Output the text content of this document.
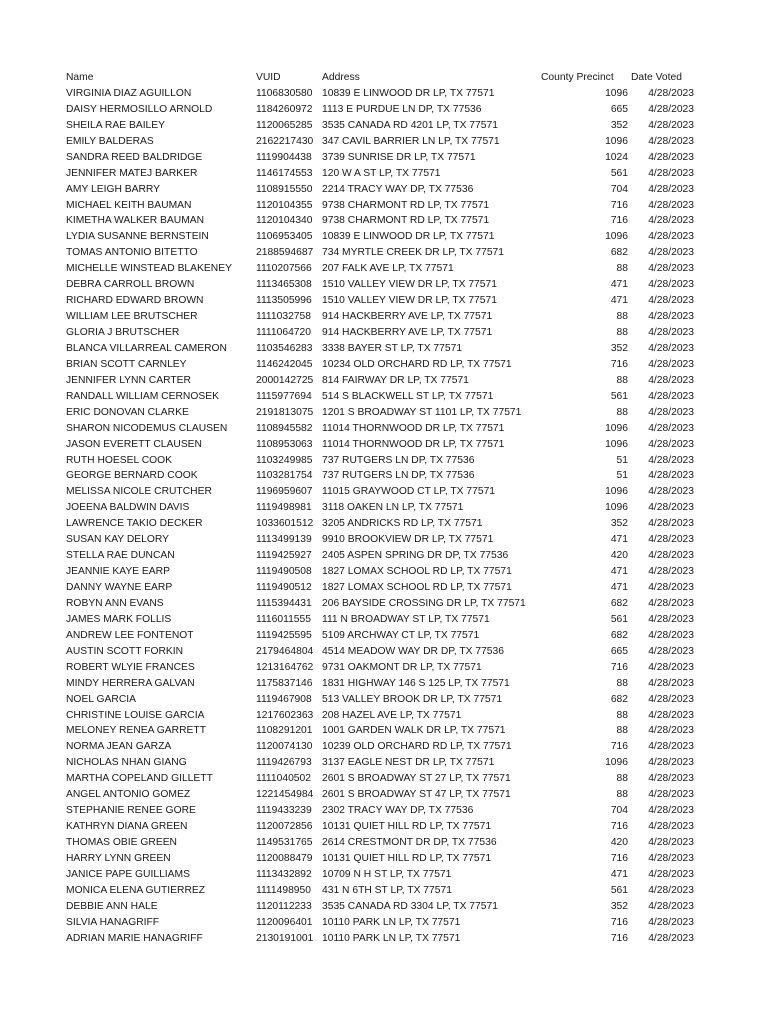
Name	VUID	Address	County Precinct Date Voted
VIRGINIA DIAZ AGUILLON	1106830580 10839 E LINWOOD DR LP, TX 77571	1096 4/28/2023
DAISY HERMOSILLO ARNOLD	1184260972 1113 E PURDUE LN DP, TX 77536	665 4/28/2023
SHEILA RAE BAILEY	1120065285 3535 CANADA RD 4201 LP, TX 77571	352 4/28/2023
EMILY BALDERAS	2162217430 347 CAVIL BARRIER LN LP, TX 77571	1096 4/28/2023
SANDRA REED BALDRIDGE	1119904438 3739 SUNRISE DR LP, TX 77571	1024 4/28/2023
JENNIFER MATEJ BARKER	1146174553 120 W A ST LP, TX 77571	561 4/28/2023
AMY LEIGH BARRY	1108915550 2214 TRACY WAY DP, TX 77536	704 4/28/2023
MICHAEL KEITH BAUMAN	1120104355 9738 CHARMONT RD LP, TX 77571	716 4/28/2023
KIMETHA WALKER BAUMAN	1120104340 9738 CHARMONT RD LP, TX 77571	716 4/28/2023
LYDIA SUSANNE BERNSTEIN	1106953405 10839 E LINWOOD DR LP, TX 77571	1096 4/28/2023
TOMAS ANTONIO BITETTO	2188594687 734 MYRTLE CREEK DR LP, TX 77571	682 4/28/2023
MICHELLE WINSTEAD BLAKENEY 1110207566 207 FALK AVE LP, TX 77571	88 4/28/2023
DEBRA CARROLL BROWN	1113465308 1510 VALLEY VIEW DR LP, TX 77571	471 4/28/2023
RICHARD EDWARD BROWN	1113505996 1510 VALLEY VIEW DR LP, TX 77571	471 4/28/2023
WILLIAM LEE BRUTSCHER	1111032758 914 HACKBERRY AVE LP, TX 77571	88 4/28/2023
GLORIA J BRUTSCHER	1111064720 914 HACKBERRY AVE LP, TX 77571	88 4/28/2023
BLANCA VILLARREAL CAMERON	1103546283 3338 BAYER ST LP, TX 77571	352 4/28/2023
BRIAN SCOTT CARNLEY	1146242045 10234 OLD ORCHARD RD LP, TX 77571	716 4/28/2023
JENNIFER LYNN CARTER	2000142725 814 FAIRWAY DR LP, TX 77571	88 4/28/2023
RANDALL WILLIAM CERNOSEK	1115977694 514 S BLACKWELL ST LP, TX 77571	561 4/28/2023
ERIC DONOVAN CLARKE	2191813075 1201 S BROADWAY ST 1101 LP, TX 77571	88 4/28/2023
SHARON NICODEMUS CLAUSEN	1108945582 11014 THORNWOOD DR LP, TX 77571	1096 4/28/2023
JASON EVERETT CLAUSEN	1108953063 11014 THORNWOOD DR LP, TX 77571	1096 4/28/2023
RUTH HOESEL COOK	1103249985 737 RUTGERS LN DP, TX 77536	51 4/28/2023
GEORGE BERNARD COOK	1103281754 737 RUTGERS LN DP, TX 77536	51 4/28/2023
MELISSA NICOLE CRUTCHER	1196959607 11015 GRAYWOOD CT LP, TX 77571	1096 4/28/2023
JOEENA BALDWIN DAVIS	1119498981 3118 OAKEN LN LP, TX 77571	1096 4/28/2023
LAWRENCE TAKIO DECKER	1033601512 3205 ANDRICKS RD LP, TX 77571	352 4/28/2023
SUSAN KAY DELORY	1113499139 9910 BROOKVIEW DR LP, TX 77571	471 4/28/2023
STELLA RAE DUNCAN	1119425927 2405 ASPEN SPRING DR DP, TX 77536	420 4/28/2023
JEANNIE KAYE EARP	1119490508 1827 LOMAX SCHOOL RD LP, TX 77571	471 4/28/2023
DANNY WAYNE EARP	1119490512 1827 LOMAX SCHOOL RD LP, TX 77571	471 4/28/2023
ROBYN ANN EVANS	1115394431 206 BAYSIDE CROSSING DR LP, TX 77571	682 4/28/2023
JAMES MARK FOLLIS	1116011555 111 N BROADWAY ST LP, TX 77571	561 4/28/2023
ANDREW LEE FONTENOT	1119425595 5109 ARCHWAY CT LP, TX 77571	682 4/28/2023
AUSTIN SCOTT FORKIN	2179464804 4514 MEADOW WAY DR DP, TX 77536	665 4/28/2023
ROBERT WLYIE FRANCES	1213164762 9731 OAKMONT DR LP, TX 77571	716 4/28/2023
MINDY HERRERA GALVAN	1175837146 1831 HIGHWAY 146 S 125 LP, TX 77571	88 4/28/2023
NOEL GARCIA	1119467908 513 VALLEY BROOK DR LP, TX 77571	682 4/28/2023
CHRISTINE LOUISE GARCIA	1217602363 208 HAZEL AVE LP, TX 77571	88 4/28/2023
MELONEY RENEA GARRETT	1108291201 1001 GARDEN WALK DR LP, TX 77571	88 4/28/2023
NORMA JEAN GARZA	1120074130 10239 OLD ORCHARD RD LP, TX 77571	716 4/28/2023
NICHOLAS NHAN GIANG	1119426793 3137 EAGLE NEST DR LP, TX 77571	1096 4/28/2023
MARTHA COPELAND GILLETT	1111040502 2601 S BROADWAY ST 27 LP, TX 77571	88 4/28/2023
ANGEL ANTONIO GOMEZ	1221454984 2601 S BROADWAY ST 47 LP, TX 77571	88 4/28/2023
STEPHANIE RENEE GORE	1119433239 2302 TRACY WAY DP, TX 77536	704 4/28/2023
KATHRYN DIANA GREEN	1120072856 10131 QUIET HILL RD LP, TX 77571	716 4/28/2023
THOMAS OBIE GREEN	1149531765 2614 CRESTMONT DR DP, TX 77536	420 4/28/2023
HARRY LYNN GREEN	1120088479 10131 QUIET HILL RD LP, TX 77571	716 4/28/2023
JANICE PAPE GUILLIAMS	1113432892 10709 N H ST LP, TX 77571	471 4/28/2023
MONICA ELENA GUTIERREZ	1111498950 431 N 6TH ST LP, TX 77571	561 4/28/2023
DEBBIE ANN HALE	1120112233 3535 CANADA RD 3304 LP, TX 77571	352 4/28/2023
SILVIA HANAGRIFF	1120096401 10110 PARK LN LP, TX 77571	716 4/28/2023
ADRIAN MARIE HANAGRIFF	2130191001 10110 PARK LN LP, TX 77571	716 4/28/2023
